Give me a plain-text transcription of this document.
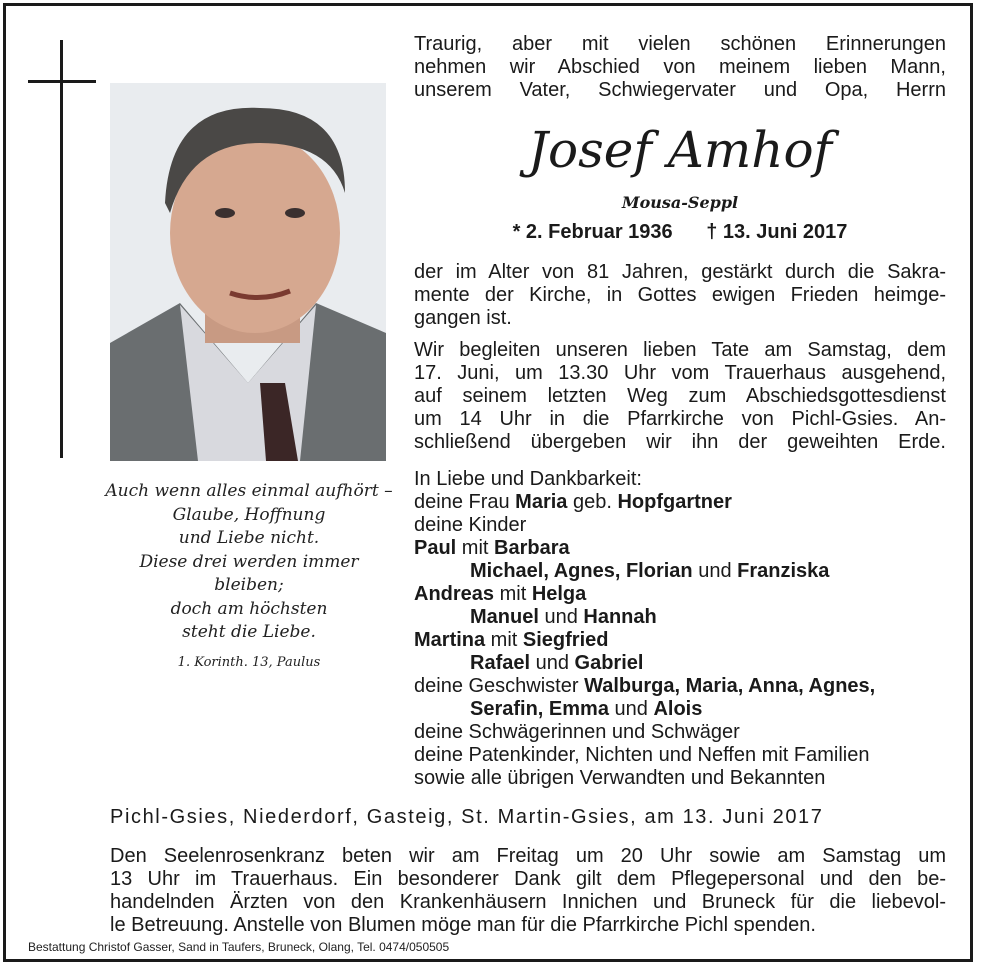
Auch wenn alles einmal aufhört –
Glaube, Hoffnung
und Liebe nicht.
Diese drei werden immer bleiben;
doch am höchsten
steht die Liebe.
1. Korinth. 13, Paulus
Traurig, aber mit vielen schönen Erinnerungen
nehmen wir Abschied von meinem lieben Mann,
unserem Vater, Schwiegervater und Opa, Herrn
Josef Amhof
Mousa-Seppl
* 2. Februar 1936 † 13. Juni 2017
der im Alter von 81 Jahren, gestärkt durch die Sakra-
mente der Kirche, in Gottes ewigen Frieden heimge-
gangen ist.
Wir begleiten unseren lieben Tate am Samstag, dem
17. Juni, um 13.30 Uhr vom Trauerhaus ausgehend,
auf seinem letzten Weg zum Abschiedsgottesdienst
um 14 Uhr in die Pfarrkirche von Pichl-Gsies. An-
schließend übergeben wir ihn der geweihten Erde.
In Liebe und Dankbarkeit:
deine Frau Maria geb. Hopfgartner
deine Kinder
Paul mit Barbara
Michael, Agnes, Florian und Franziska
Andreas mit Helga
Manuel und Hannah
Martina mit Siegfried
Rafael und Gabriel
deine Geschwister Walburga, Maria, Anna, Agnes,
Serafin, Emma und Alois
deine Schwägerinnen und Schwäger
deine Patenkinder, Nichten und Neffen mit Familien
sowie alle übrigen Verwandten und Bekannten
Pichl-Gsies, Niederdorf, Gasteig, St. Martin-Gsies, am 13. Juni 2017
Den Seelenrosenkranz beten wir am Freitag um 20 Uhr sowie am Samstag um
13 Uhr im Trauerhaus. Ein besonderer Dank gilt dem Pflegepersonal und den be-
handelnden Ärzten von den Krankenhäusern Innichen und Bruneck für die liebevol-
le Betreuung. Anstelle von Blumen möge man für die Pfarrkirche Pichl spenden.
Bestattung Christof Gasser, Sand in Taufers, Bruneck, Olang, Tel. 0474/050505
